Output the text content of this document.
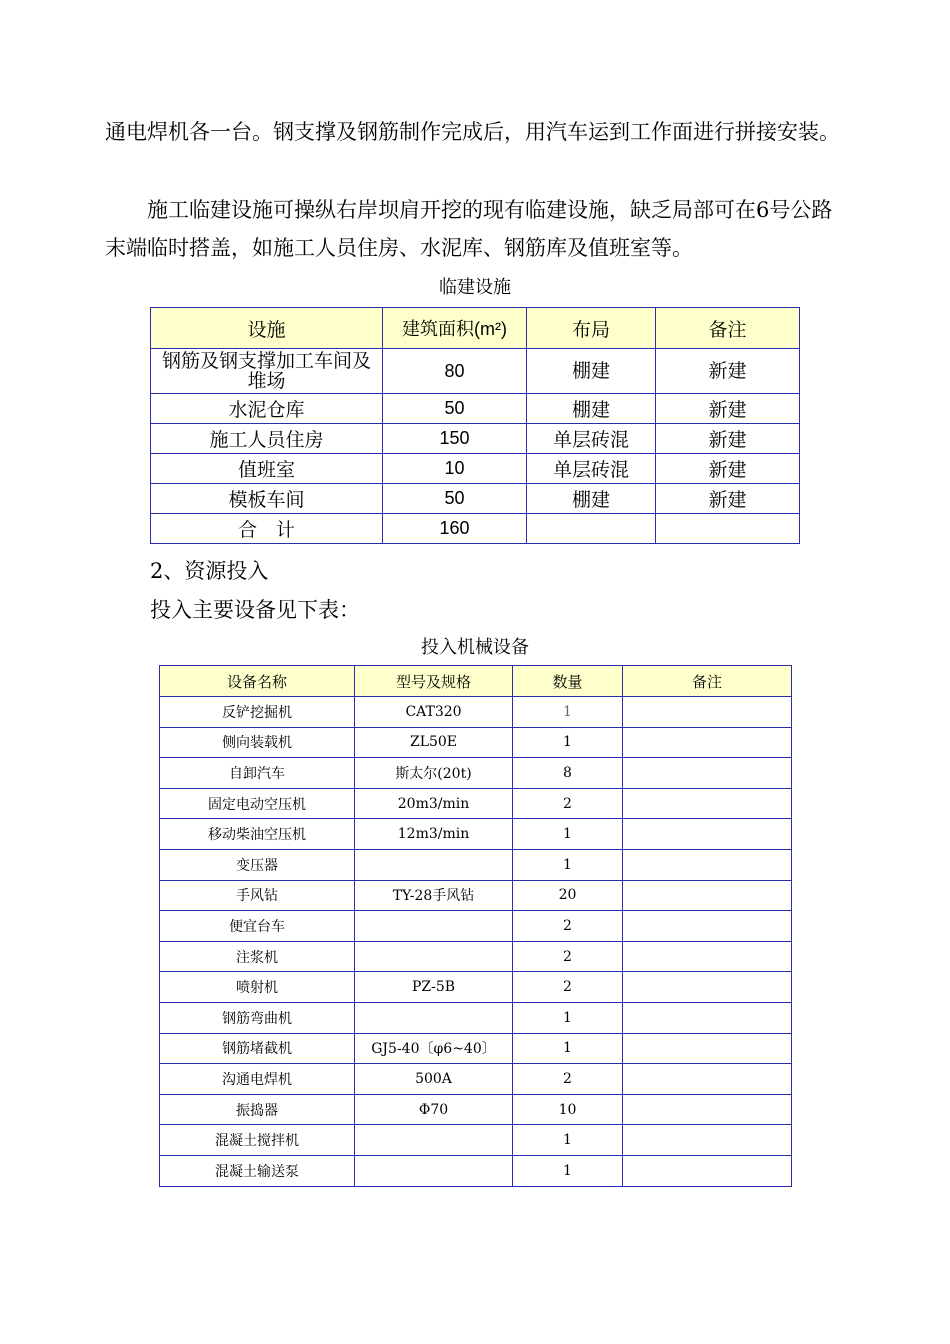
通电焊机各一台。钢支撑及钢筋制作完成后，用汽车运到工作面进行拼接安装。

施工临建设施可操纵右岸坝肩开挖的现有临建设施，缺乏局部可在6号公路末端临时搭盖，如施工人员住房、水泥库、钢筋库及值班室等。

临建设施
设施	建筑面积(m²)	布局	备注
钢筋及钢支撑加工车间及堆场	80	棚建	新建
水泥仓库	50	棚建	新建
施工人员住房	150	单层砖混	新建
值班室	10	单层砖混	新建
模板车间	50	棚建	新建
合　计	160		

2、资源投入

投入主要设备见下表：

投入机械设备
设备名称	型号及规格	数量	备注
反铲挖掘机	CAT320	1	
侧向装载机	ZL50E	1	
自卸汽车	斯太尔(20t)	8	
固定电动空压机	20m3/min	2	
移动柴油空压机	12m3/min	1	
变压器		1	
手风钻	TY-28手风钻	20	
便宜台车		2	
注浆机		2	
喷射机	PZ-5B	2	
钢筋弯曲机		1	
钢筋堵截机	GJ5-40〔φ6~40〕	1	
沟通电焊机	500A	2	
振捣器	Φ70	10	
混凝土搅拌机		1	
混凝土输送泵		1	
